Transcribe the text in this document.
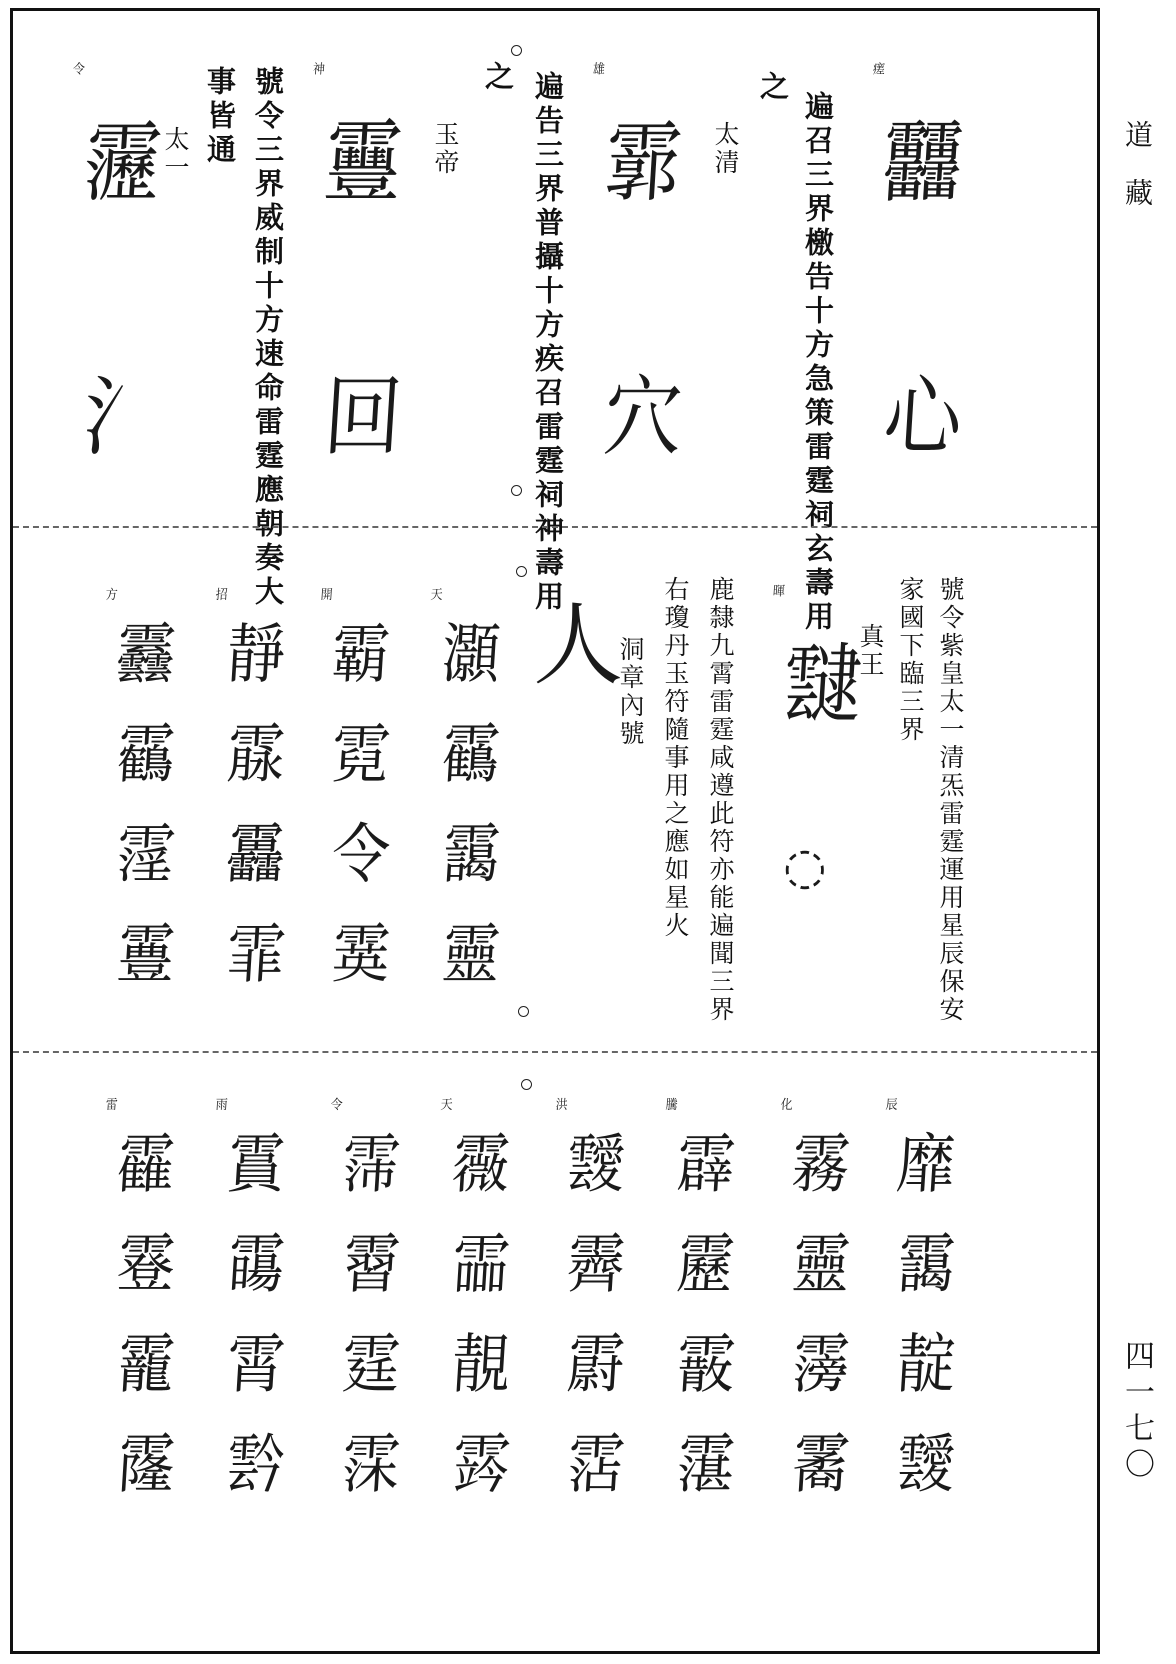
瘥
䨻
心
遍召三界檄告十方急策雷霆祠玄壽用
之
太清
雄
霩
穴
遍告三界普攝十方疾召雷霆祠神壽用
之
玉帝
神
靊
回
號令三界威制十方速命雷霆應朝奏大
事皆通
太一
令
靋
氵
號令紫皇太一清炁雷霆運用星辰保安
家國下臨三界
真王
暉
靆
◌
鹿隸九霄雷霆咸遵此符亦能遍聞三界
右瓊丹玉符隨事用之應如星火
洞章內號
人
天
灝
靍
靄
靈
開
霸
霓
令
霙
招
靜
霡
靐
霏
方
䨺
靏
霪
霻
辰
靡
靄
靛
靉
化
霧
靈
霶
霱
騰
霹
靂
霰
霮
洪
靉
霽
霨
霑
天
霺
霝
靚
霠
令
霈
霫
霆
霂
雨
霣
霷
霄
霒
雷
靃
霯
靇
霳
道藏
四一七〇
